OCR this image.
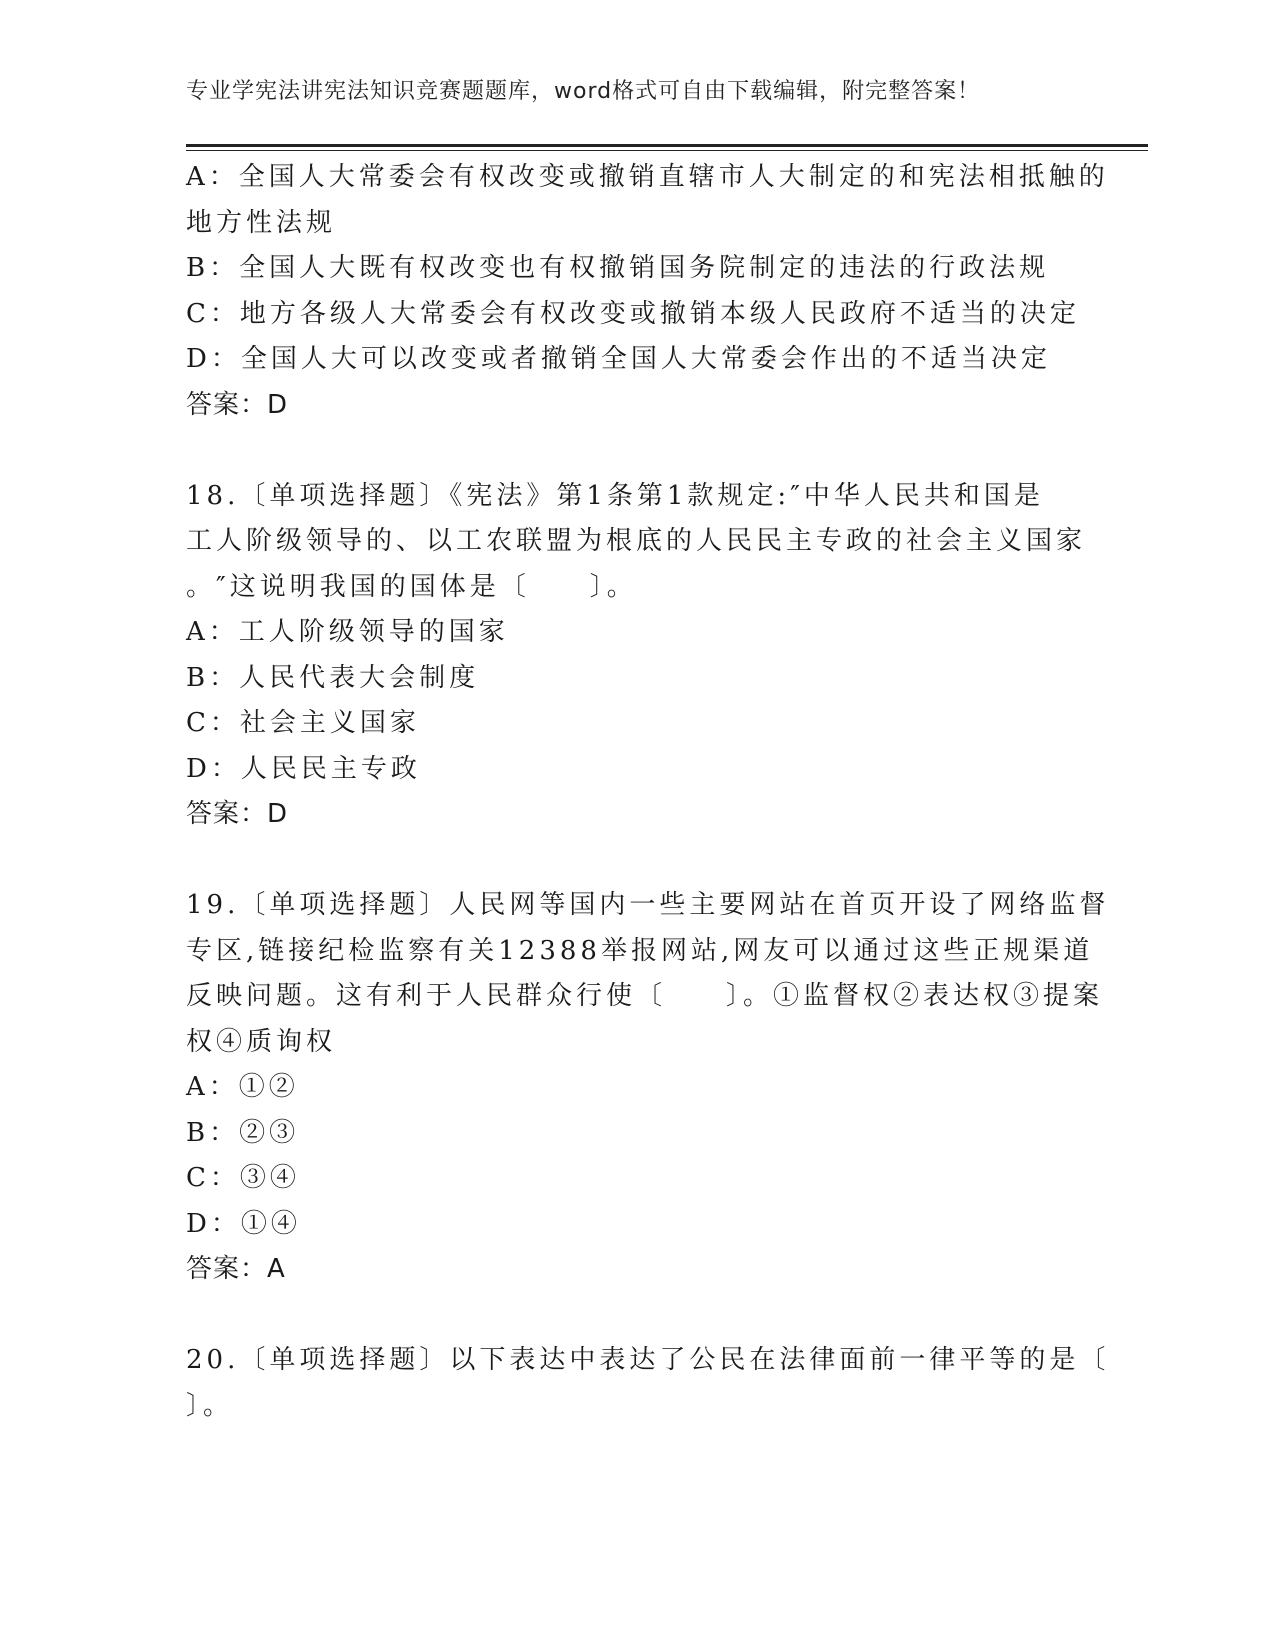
专业学宪法讲宪法知识竞赛题题库，word格式可自由下载编辑，附完整答案！
A：全国人大常委会有权改变或撤销直辖市人大制定的和宪法相抵触的
地方性法规
B：全国人大既有权改变也有权撤销国务院制定的违法的行政法规
C：地方各级人大常委会有权改变或撤销本级人民政府不适当的决定
D：全国人大可以改变或者撤销全国人大常委会作出的不适当决定
答案：D
18.〔单项选择题〕《宪法》第1条第1款规定:″中华人民共和国是
工人阶级领导的、以工农联盟为根底的人民民主专政的社会主义国家
。″这说明我国的国体是〔　　〕。
A：工人阶级领导的国家
B：人民代表大会制度
C：社会主义国家
D：人民民主专政
答案：D
19.〔单项选择题〕人民网等国内一些主要网站在首页开设了网络监督
专区,链接纪检监察有关12388举报网站,网友可以通过这些正规渠道
反映问题。这有利于人民群众行使〔　　〕。①监督权②表达权③提案
权④质询权
A：①②
B：②③
C：③④
D：①④
答案：A
20.〔单项选择题〕以下表达中表达了公民在法律面前一律平等的是〔
〕。
